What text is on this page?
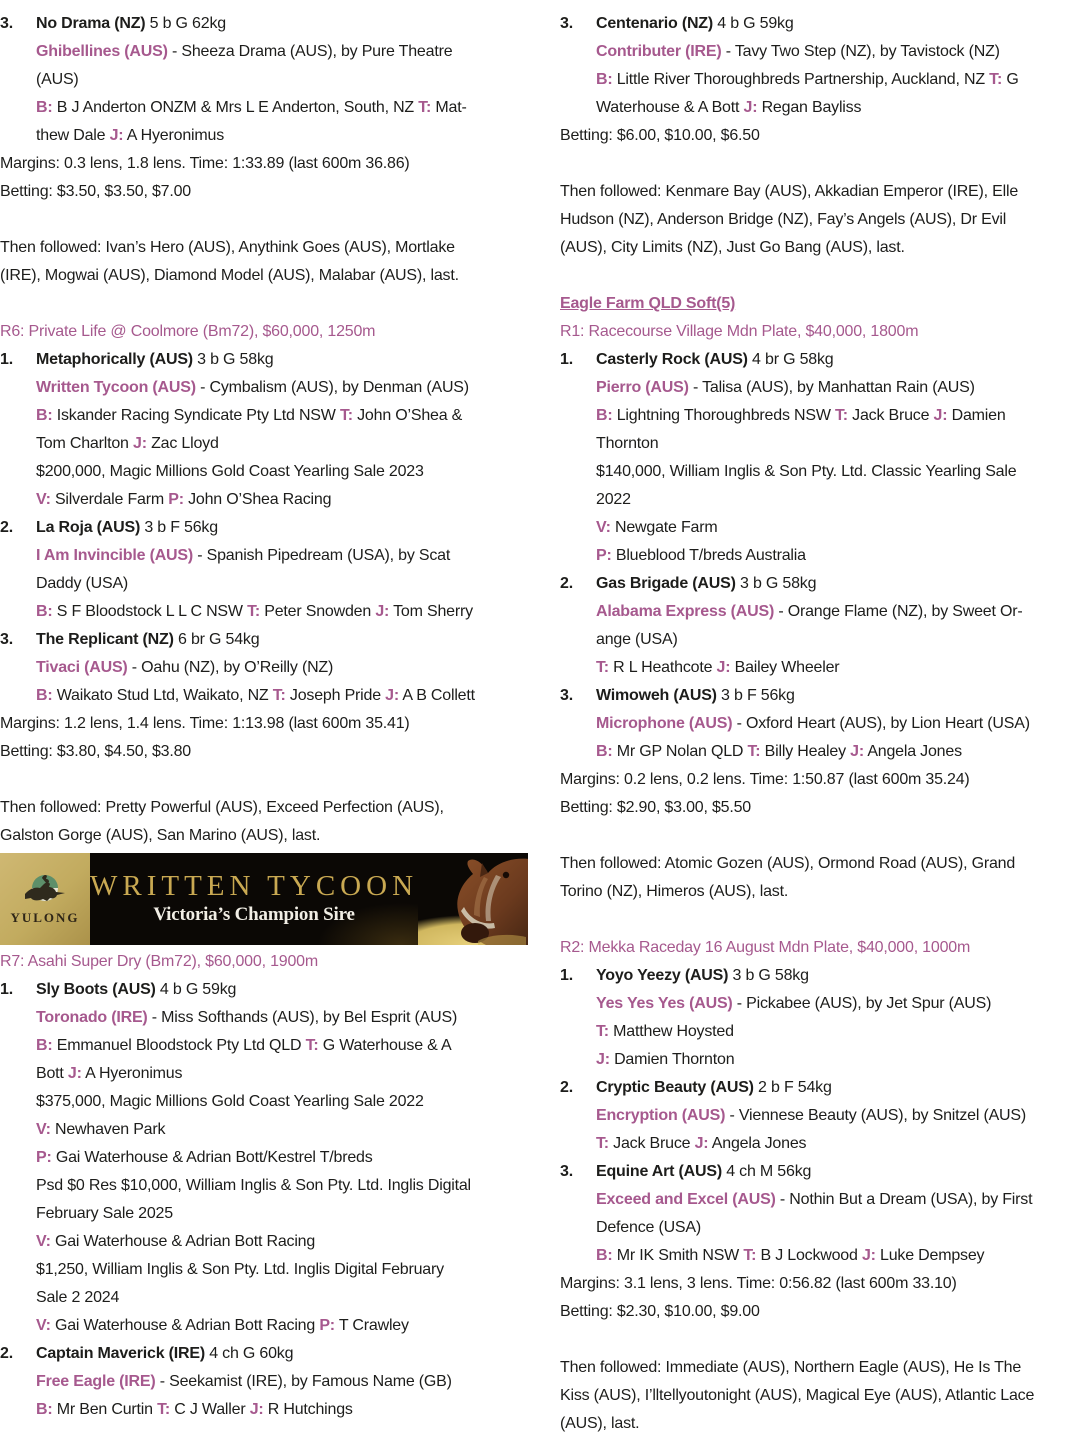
3. No Drama (NZ) 5 b G 62kg
Ghibellines (AUS) - Sheeza Drama (AUS), by Pure Theatre
(AUS)
B: B J Anderton ONZM & Mrs L E Anderton, South, NZ T: Mat-
thew Dale J: A Hyeronimus
Margins: 0.3 lens, 1.8 lens. Time: 1:33.89 (last 600m 36.86)
Betting: $3.50, $3.50, $7.00
Then followed: Ivan’s Hero (AUS), Anythink Goes (AUS), Mortlake
(IRE), Mogwai (AUS), Diamond Model (AUS), Malabar (AUS), last.
R6: Private Life @ Coolmore (Bm72), $60,000, 1250m
1. Metaphorically (AUS) 3 b G 58kg
Written Tycoon (AUS) - Cymbalism (AUS), by Denman (AUS)
B: Iskander Racing Syndicate Pty Ltd NSW T: John O’Shea &
Tom Charlton J: Zac Lloyd
$200,000, Magic Millions Gold Coast Yearling Sale 2023
V: Silverdale Farm P: John O’Shea Racing
2. La Roja (AUS) 3 b F 56kg
I Am Invincible (AUS) - Spanish Pipedream (USA), by Scat
Daddy (USA)
B: S F Bloodstock L L C NSW T: Peter Snowden J: Tom Sherry
3. The Replicant (NZ) 6 br G 54kg
Tivaci (AUS) - Oahu (NZ), by O’Reilly (NZ)
B: Waikato Stud Ltd, Waikato, NZ T: Joseph Pride J: A B Collett
Margins: 1.2 lens, 1.4 lens. Time: 1:13.98 (last 600m 35.41)
Betting: $3.80, $4.50, $3.80
Then followed: Pretty Powerful (AUS), Exceed Perfection (AUS),
Galston Gorge (AUS), San Marino (AUS), last.
YULONG
WRITTEN TYCOON
Victoria’s Champion Sire
R7: Asahi Super Dry (Bm72), $60,000, 1900m
1. Sly Boots (AUS) 4 b G 59kg
Toronado (IRE) - Miss Softhands (AUS), by Bel Esprit (AUS)
B: Emmanuel Bloodstock Pty Ltd QLD T: G Waterhouse & A
Bott J: A Hyeronimus
$375,000, Magic Millions Gold Coast Yearling Sale 2022
V: Newhaven Park
P: Gai Waterhouse & Adrian Bott/Kestrel T/breds
Psd $0 Res $10,000, William Inglis & Son Pty. Ltd. Inglis Digital
February Sale 2025
V: Gai Waterhouse & Adrian Bott Racing
$1,250, William Inglis & Son Pty. Ltd. Inglis Digital February
Sale 2 2024
V: Gai Waterhouse & Adrian Bott Racing P: T Crawley
2. Captain Maverick (IRE) 4 ch G 60kg
Free Eagle (IRE) - Seekamist (IRE), by Famous Name (GB)
B: Mr Ben Curtin T: C J Waller J: R Hutchings
3. Centenario (NZ) 4 b G 59kg
Contributer (IRE) - Tavy Two Step (NZ), by Tavistock (NZ)
B: Little River Thoroughbreds Partnership, Auckland, NZ T: G
Waterhouse & A Bott J: Regan Bayliss
Betting: $6.00, $10.00, $6.50
Then followed: Kenmare Bay (AUS), Akkadian Emperor (IRE), Elle
Hudson (NZ), Anderson Bridge (NZ), Fay’s Angels (AUS), Dr Evil
(AUS), City Limits (NZ), Just Go Bang (AUS), last.
Eagle Farm QLD Soft(5)
R1: Racecourse Village Mdn Plate, $40,000, 1800m
1. Casterly Rock (AUS) 4 br G 58kg
Pierro (AUS) - Talisa (AUS), by Manhattan Rain (AUS)
B: Lightning Thoroughbreds NSW T: Jack Bruce J: Damien
Thornton
$140,000, William Inglis & Son Pty. Ltd. Classic Yearling Sale
2022
V: Newgate Farm
P: Blueblood T/breds Australia
2. Gas Brigade (AUS) 3 b G 58kg
Alabama Express (AUS) - Orange Flame (NZ), by Sweet Or-
ange (USA)
T: R L Heathcote J: Bailey Wheeler
3. Wimoweh (AUS) 3 b F 56kg
Microphone (AUS) - Oxford Heart (AUS), by Lion Heart (USA)
B: Mr GP Nolan QLD T: Billy Healey J: Angela Jones
Margins: 0.2 lens, 0.2 lens. Time: 1:50.87 (last 600m 35.24)
Betting: $2.90, $3.00, $5.50
Then followed: Atomic Gozen (AUS), Ormond Road (AUS), Grand
Torino (NZ), Himeros (AUS), last.
R2: Mekka Raceday 16 August Mdn Plate, $40,000, 1000m
1. Yoyo Yeezy (AUS) 3 b G 58kg
Yes Yes Yes (AUS) - Pickabee (AUS), by Jet Spur (AUS)
T: Matthew Hoysted
J: Damien Thornton
2. Cryptic Beauty (AUS) 2 b F 54kg
Encryption (AUS) - Viennese Beauty (AUS), by Snitzel (AUS)
T: Jack Bruce J: Angela Jones
3. Equine Art (AUS) 4 ch M 56kg
Exceed and Excel (AUS) - Nothin But a Dream (USA), by First
Defence (USA)
B: Mr IK Smith NSW T: B J Lockwood J: Luke Dempsey
Margins: 3.1 lens, 3 lens. Time: 0:56.82 (last 600m 33.10)
Betting: $2.30, $10.00, $9.00
Then followed: Immediate (AUS), Northern Eagle (AUS), He Is The
Kiss (AUS), I’lltellyoutonight (AUS), Magical Eye (AUS), Atlantic Lace
(AUS), last.
